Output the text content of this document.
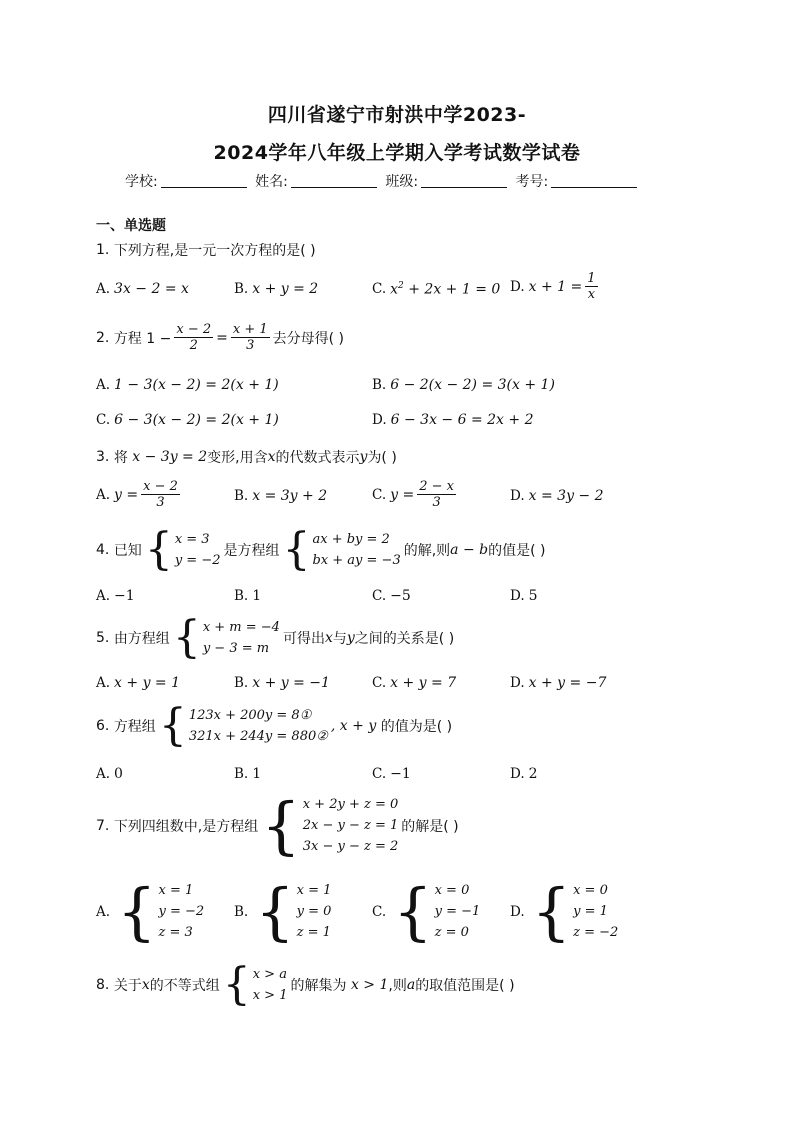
四川省遂宁市射洪中学2023-
2024学年八年级上学期入学考试数学试卷
学校:	姓名:	班级:	考号:
一、单选题
1.
下列方程,是一元一次方程的是( )
A. 3x − 2 = x	B. x + y = 2	C. $x^2 + 2x + 1 = 0$ D. $x + 1 = \frac{1}{x}$
2.
方程 $1 - \frac{x - 2}{2} = \frac{x + 1}{3}$ 去分母得( )
A. 1 − 3(x − 2) = 2(x + 1)	B. 6 − 2(x − 2) = 3(x + 1)
C. 6 − 3(x − 2) = 2(x + 1)	D. 6 − 3x − 6 = 2x + 2
3.
将
x − 3y = 2 变形,用含 x 的代数式表示 y 为( )
A. $y = \frac{x - 2}{3}$	B. x = 3y + 2	C. $y = \frac{2 - x}{3}$	D. x = 3y − 2
4.
已知 { x = 3
y = −2
是方程组 { ax + by = 2
bx + ay = −3
的解,则 a − b 的值是( )
A. −1	B. 1	C. −5	D. 5
5.
由方程组 { x + m = −4
y − 3 = m
可得出 x 与 y 之间的关系是( )
A. x + y = 1	B. x + y = −1	C. x + y = 7	D. x + y = −7
6.
方程组 { 123x + 200y = 8①
321x + 244y = 880②
, x + y
的值为是( )
A. 0	B. 1	C. −1	D. 2
7.
下列四组数中,是方程组 { x + 2y + z = 0
2x − y − z = 1
3x − y − z = 2
的解是( )
A. { x = 1
y = −2
z = 3
B. { x = 1
y = 0
z = 1
C. { x = 0
y = −1
z = 0
D. { x = 0
y = 1
z = −2
8.
关于 x 的不等式组 { x > a
x > 1
的解集为
x > 1 ,则 a 的取值范围是( )
